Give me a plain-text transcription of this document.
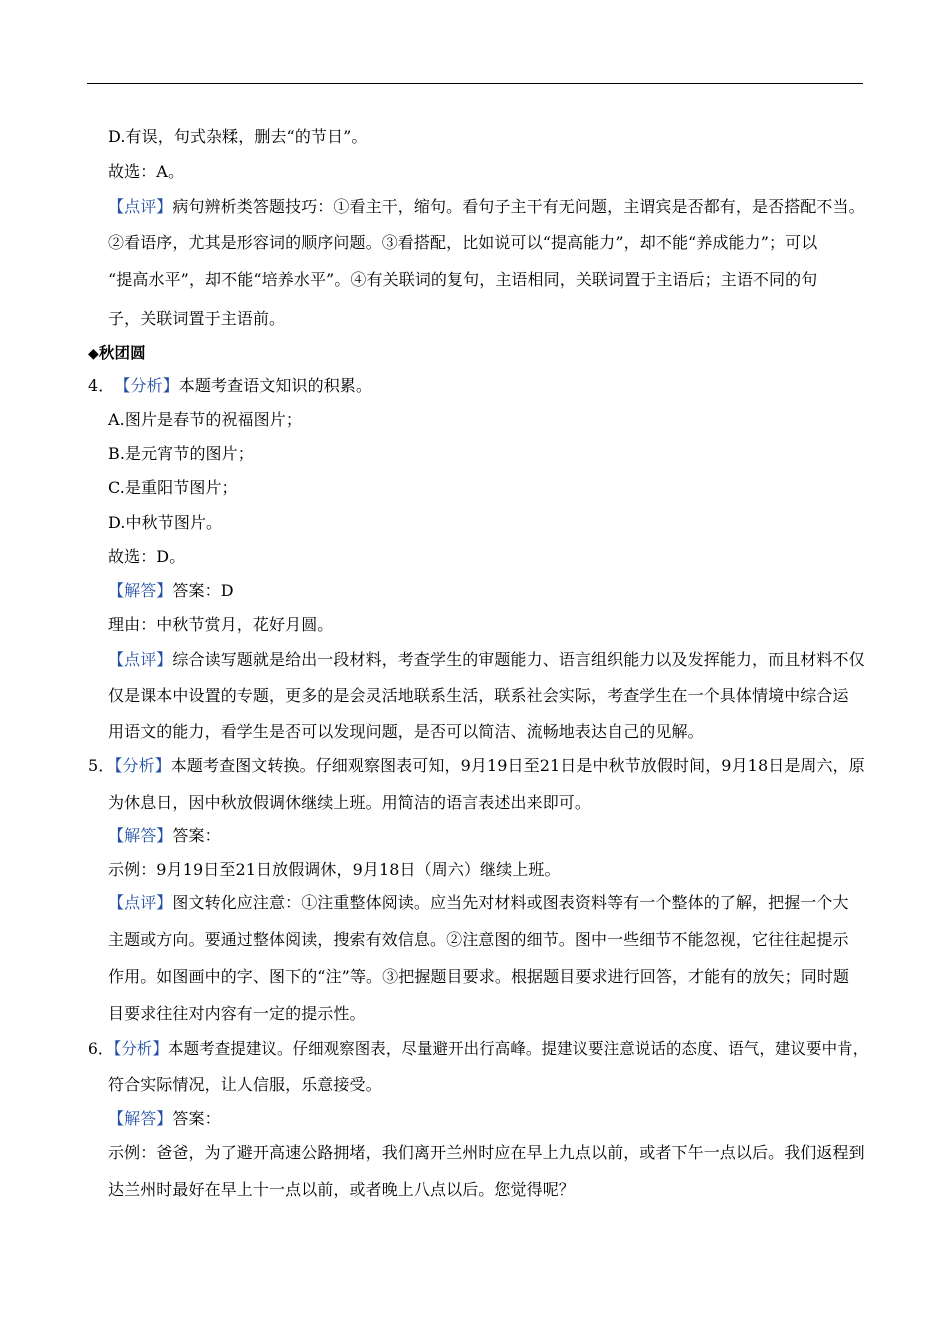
D.有误，句式杂糅，删去“的节日”。
故选：A。
【点评】病句辨析类答题技巧：①看主干，缩句。看句子主干有无问题，主谓宾是否都有，是否搭配不当。
②看语序，尤其是形容词的顺序问题。③看搭配，比如说可以“提高能力”，却不能“养成能力”；可以
“提高水平”，却不能“培养水平”。④有关联词的复句，主语相同，关联词置于主语后；主语不同的句
子，关联词置于主语前。
◆秋团圆
4． 【分析】本题考查语文知识的积累。
A.图片是春节的祝福图片；
B.是元宵节的图片；
C.是重阳节图片；
D.中秋节图片。
故选：D。
【解答】答案：D
理由：中秋节赏月，花好月圆。
【点评】综合读写题就是给出一段材料，考查学生的审题能力、语言组织能力以及发挥能力，而且材料不仅
仅是课本中设置的专题，更多的是会灵活地联系生活，联系社会实际，考查学生在一个具体情境中综合运
用语文的能力，看学生是否可以发现问题，是否可以简洁、流畅地表达自己的见解。
5．【分析】本题考查图文转换。仔细观察图表可知，9月19日至21日是中秋节放假时间，9月18日是周六，原
为休息日，因中秋放假调休继续上班。用简洁的语言表述出来即可。
【解答】答案：
示例：9月19日至21日放假调休，9月18日（周六）继续上班。
【点评】图文转化应注意：①注重整体阅读。应当先对材料或图表资料等有一个整体的了解，把握一个大
主题或方向。要通过整体阅读，搜索有效信息。②注意图的细节。图中一些细节不能忽视，它往往起提示
作用。如图画中的字、图下的“注”等。③把握题目要求。根据题目要求进行回答，才能有的放矢；同时题
目要求往往对内容有一定的提示性。
6．【分析】本题考查提建议。仔细观察图表，尽量避开出行高峰。提建议要注意说话的态度、语气，建议要中肯，
符合实际情况，让人信服，乐意接受。
【解答】答案：
示例：爸爸，为了避开高速公路拥堵，我们离开兰州时应在早上九点以前，或者下午一点以后。我们返程到
达兰州时最好在早上十一点以前，或者晚上八点以后。您觉得呢？
